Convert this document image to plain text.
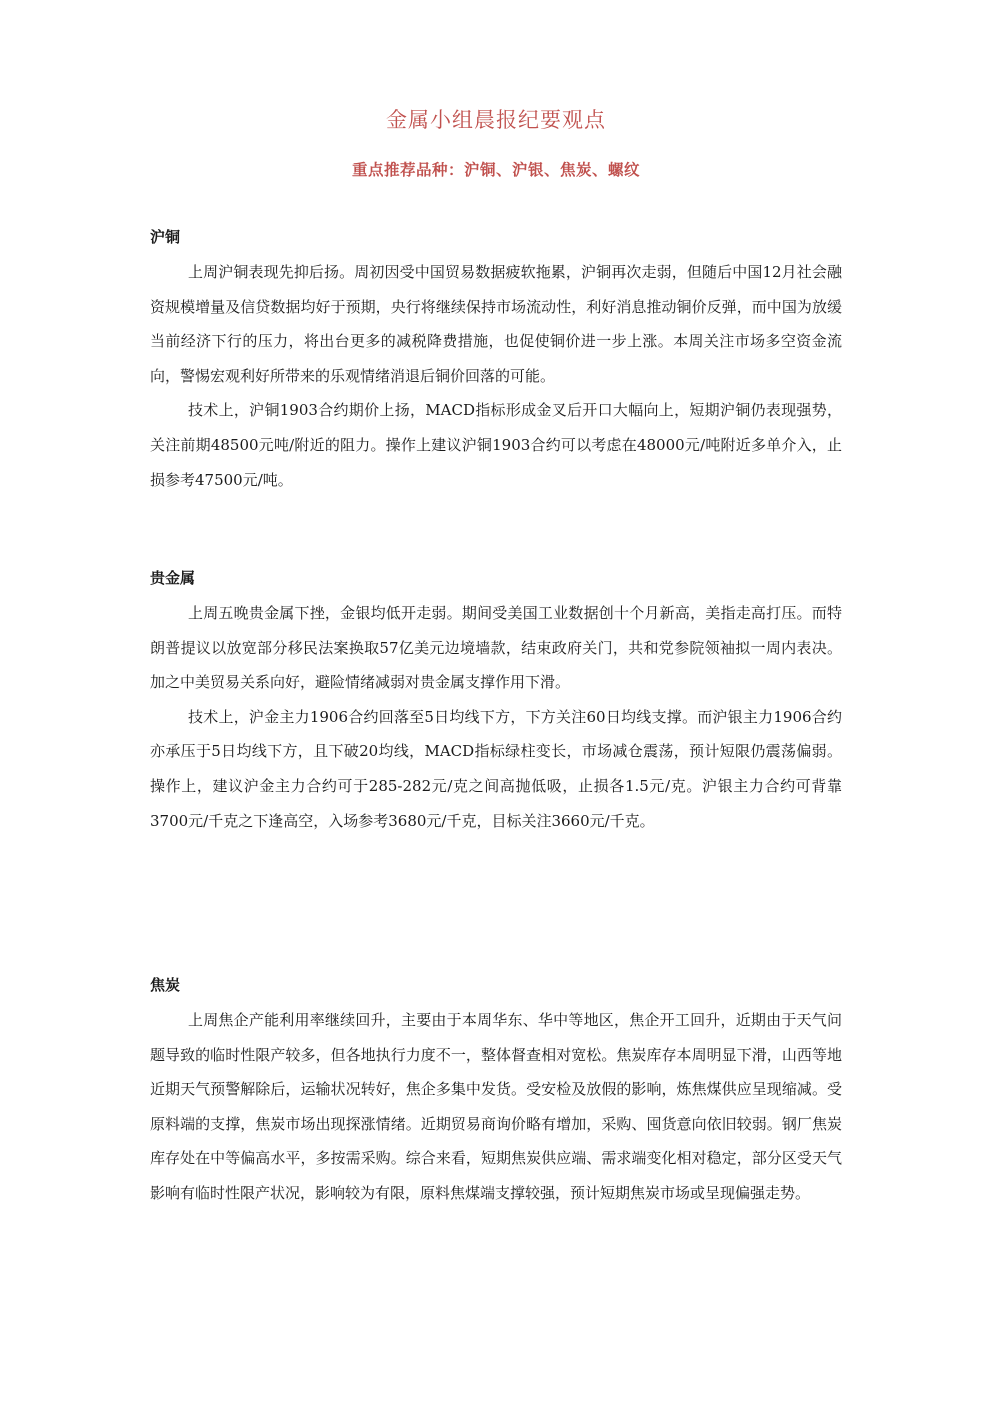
金属小组晨报纪要观点
重点推荐品种：沪铜、沪银、焦炭、螺纹
沪铜

上周沪铜表现先抑后扬。周初因受中国贸易数据疲软拖累，沪铜再次走弱，但随后中国12月社会融资规模增量及信贷数据均好于预期，央行将继续保持市场流动性，利好消息推动铜价反弹，而中国为放缓当前经济下行的压力，将出台更多的减税降费措施，也促使铜价进一步上涨。本周关注市场多空资金流向，警惕宏观利好所带来的乐观情绪消退后铜价回落的可能。

技术上，沪铜1903合约期价上扬，MACD指标形成金叉后开口大幅向上，短期沪铜仍表现强势，关注前期48500元吨/附近的阻力。操作上建议沪铜1903合约可以考虑在48000元/吨附近多单介入，止损参考47500元/吨。

贵金属

上周五晚贵金属下挫，金银均低开走弱。期间受美国工业数据创十个月新高，美指走高打压。而特朗普提议以放宽部分移民法案换取57亿美元边境墙款，结束政府关门，共和党参院领袖拟一周内表决。加之中美贸易关系向好，避险情绪减弱对贵金属支撑作用下滑。

技术上，沪金主力1906合约回落至5日均线下方，下方关注60日均线支撑。而沪银主力1906合约亦承压于5日均线下方，且下破20均线，MACD指标绿柱变长，市场减仓震荡，预计短限仍震荡偏弱。操作上，建议沪金主力合约可于285-282元/克之间高抛低吸，止损各1.5元/克。沪银主力合约可背靠3700元/千克之下逢高空，入场参考3680元/千克，目标关注3660元/千克。

焦炭

上周焦企产能利用率继续回升，主要由于本周华东、华中等地区，焦企开工回升，近期由于天气问题导致的临时性限产较多，但各地执行力度不一，整体督查相对宽松。焦炭库存本周明显下滑，山西等地近期天气预警解除后，运输状况转好，焦企多集中发货。受安检及放假的影响，炼焦煤供应呈现缩减。受原料端的支撑，焦炭市场出现探涨情绪。近期贸易商询价略有增加，采购、囤货意向依旧较弱。钢厂焦炭库存处在中等偏高水平，多按需采购。综合来看，短期焦炭供应端、需求端变化相对稳定，部分区受天气影响有临时性限产状况，影响较为有限，原料焦煤端支撑较强，预计短期焦炭市场或呈现偏强走势。
